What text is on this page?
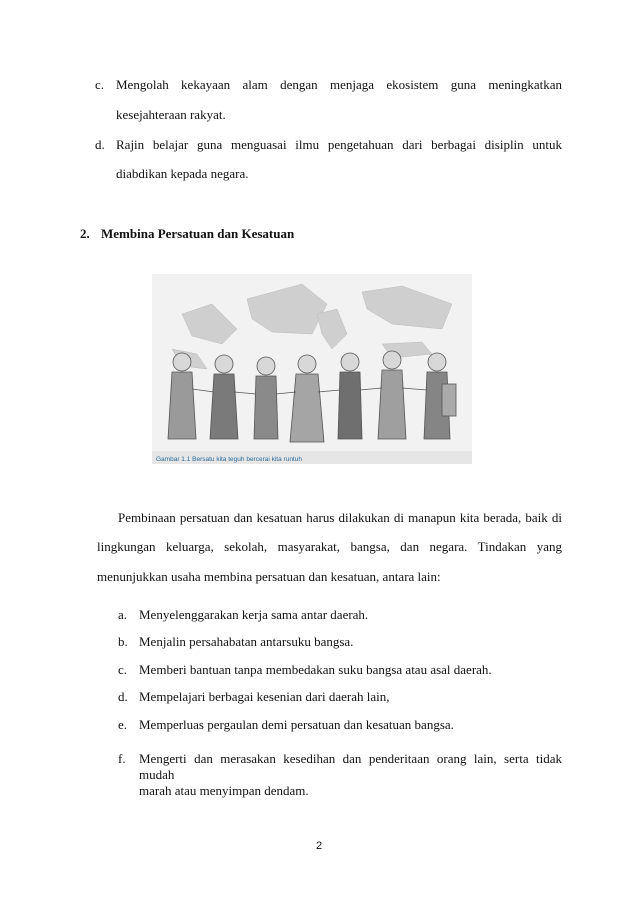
c. Mengolah kekayaan alam dengan menjaga ekosistem guna meningkatkan
kesejahteraan rakyat.
d. Rajin belajar guna menguasai ilmu pengetahuan dari berbagai disiplin untuk
diabdikan kepada negara.
2. Membina Persatuan dan Kesatuan
Gambar 1.1 Bersatu kita teguh bercerai kita runtuh
Pembinaan persatuan dan kesatuan harus dilakukan di manapun kita berada, baik di
lingkungan keluarga, sekolah, masyarakat, bangsa, dan negara. Tindakan yang
menunjukkan usaha membina persatuan dan kesatuan, antara lain:
a. Menyelenggarakan kerja sama antar daerah.
b. Menjalin persahabatan antarsuku bangsa.
c. Memberi bantuan tanpa membedakan suku bangsa atau asal daerah.
d. Mempelajari berbagai kesenian dari daerah lain,
e. Memperluas pergaulan demi persatuan dan kesatuan bangsa.
f. Mengerti dan merasakan kesedihan dan penderitaan orang lain, serta tidak mudah
marah atau menyimpan dendam.
2
